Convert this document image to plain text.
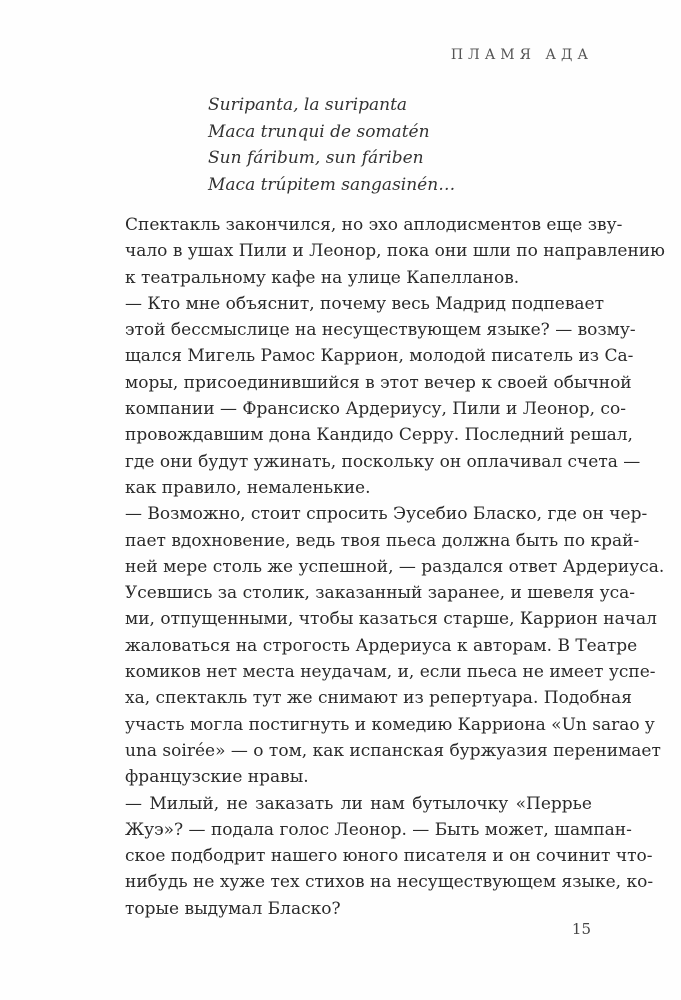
ПЛАМЯ АДА
Suripanta, la suripanta
Maca trunqui de somatén
Sun fáribum, sun fáriben
Maca trúpitem sangasinén…

Спектакль закончился, но эхо аплодисментов еще зву-
чало в ушах Пили и Леонор, пока они шли по направлению
к театральному кафе на улице Капелланов.

— Кто мне объяснит, почему весь Мадрид подпевает
этой бессмыслице на несуществующем языке? — возму-
щался Мигель Рамос Каррион, молодой писатель из Са-
моры, присоединившийся в этот вечер к своей обычной
компании — Франсиско Ардериусу, Пили и Леонор, со-
провождавшим дона Кандидо Серру. Последний решал,
где они будут ужинать, поскольку он оплачивал счета —
как правило, немаленькие.

— Возможно, стоит спросить Эусебио Бласко, где он чер-
пает вдохновение, ведь твоя пьеса должна быть по край-
ней мере столь же успешной, — раздался ответ Ардериуса.

Усевшись за столик, заказанный заранее, и шевеля уса-
ми, отпущенными, чтобы казаться старше, Каррион начал
жаловаться на строгость Ардериуса к авторам. В Театре
комиков нет места неудачам, и, если пьеса не имеет успе-
ха, спектакль тут же снимают из репертуара. Подобная
участь могла постигнуть и комедию Карриона «Un sarao y
una soirée» — о том, как испанская буржуазия перенимает
французские нравы.

— Милый, не заказать ли нам бутылочку «Перрье
Жуэ»? — подала голос Леонор. — Быть может, шампан-
ское подбодрит нашего юного писателя и он сочинит что-
нибудь не хуже тех стихов на несуществующем языке, ко-
торые выдумал Бласко?

15
